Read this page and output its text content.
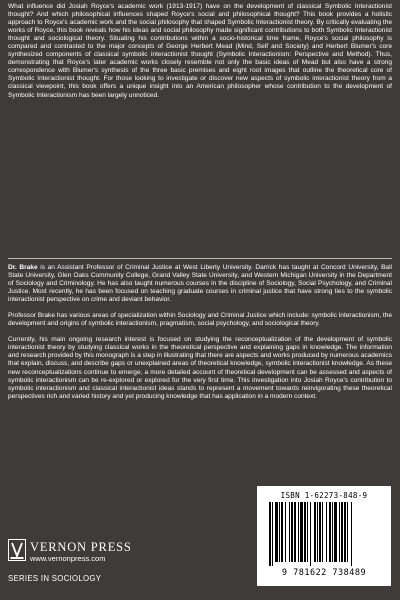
What influence did Josiah Royce's academic work (1913-1917) have on the development of classical Symbolic Interactionist thought? And which philosophical influences shaped Royce's social and philosophical thought? This book provides a holistic approach to Royce's academic work and the social philosophy that shaped Symbolic Interactionist theory. By critically evaluating the works of Royce, this book reveals how his ideas and social philosophy made significant contributions to both Symbolic Interactionist thought and sociological theory. Situating his contributions within a socio-historical time frame, Royce's social philosophy is compared and contrasted to the major concepts of George Herbert Mead (Mind, Self and Society) and Herbert Blumer's core synthesized components of classical symbolic interactionist thought (Symbolic Interactionism: Perspective and Method). Thus, demonstrating that Royce's later academic works closely resemble not only the basic ideas of Mead but also have a strong correspondence with Blumer's synthesis of the three basic premises and eight root images that outline the theoretical core of Symbolic Interactionist thought. For those looking to investigate or discover new aspects of symbolic interactionist theory from a classical viewpoint, this book offers a unique insight into an American philosopher whose contribution to the development of Symbolic Interactionism has been largely unnoticed.

Dr. Brake is an Assistant Professor of Criminal Justice at West Liberty University. Darrick has taught at Concord University, Ball State University, Glen Oaks Community College, Grand Valley State University, and Western Michigan University in the Department of Sociology and Criminology. He has also taught numerous courses in the discipline of Sociology, Social Psychology, and Criminal Justice. Most recently, he has been focused on teaching graduate courses in criminal justice that have strong ties to the symbolic interactionist perspective on crime and deviant behavior.

Professor Brake has various areas of specialization within Sociology and Criminal Justice which include: symbolic interactionism, the development and origins of symbolic interactionism, pragmatism, social psychology, and sociological theory.

Currently, his main ongoing research interest is focused on studying the reconceptualization of the development of symbolic interactionist theory by studying classical works in the theoretical perspective and explaining gaps in knowledge. The information and research provided by this monograph is a step in illustrating that there are aspects and works produced by numerous academics that explain, discuss, and describe gaps or unexplained areas of theoretical knowledge, symbolic interactionist knowledge. As these new reconceptualizations continue to emerge, a more detailed account of theoretical development can be assessed and aspects of symbolic interactionism can be re-explored or explored for the very first time. This investigation into Josiah Royce's contribution to symbolic interactionism and classical interactionist ideas stands to represent a movement towards reinvigorating these theoretical perspectives rich and varied history and yet producing knowledge that has application in a modern context.

ISBN 1-62273-848-9
9 781622 738489
VERNON PRESS
www.vernonpress.com
SERIES IN SOCIOLOGY
